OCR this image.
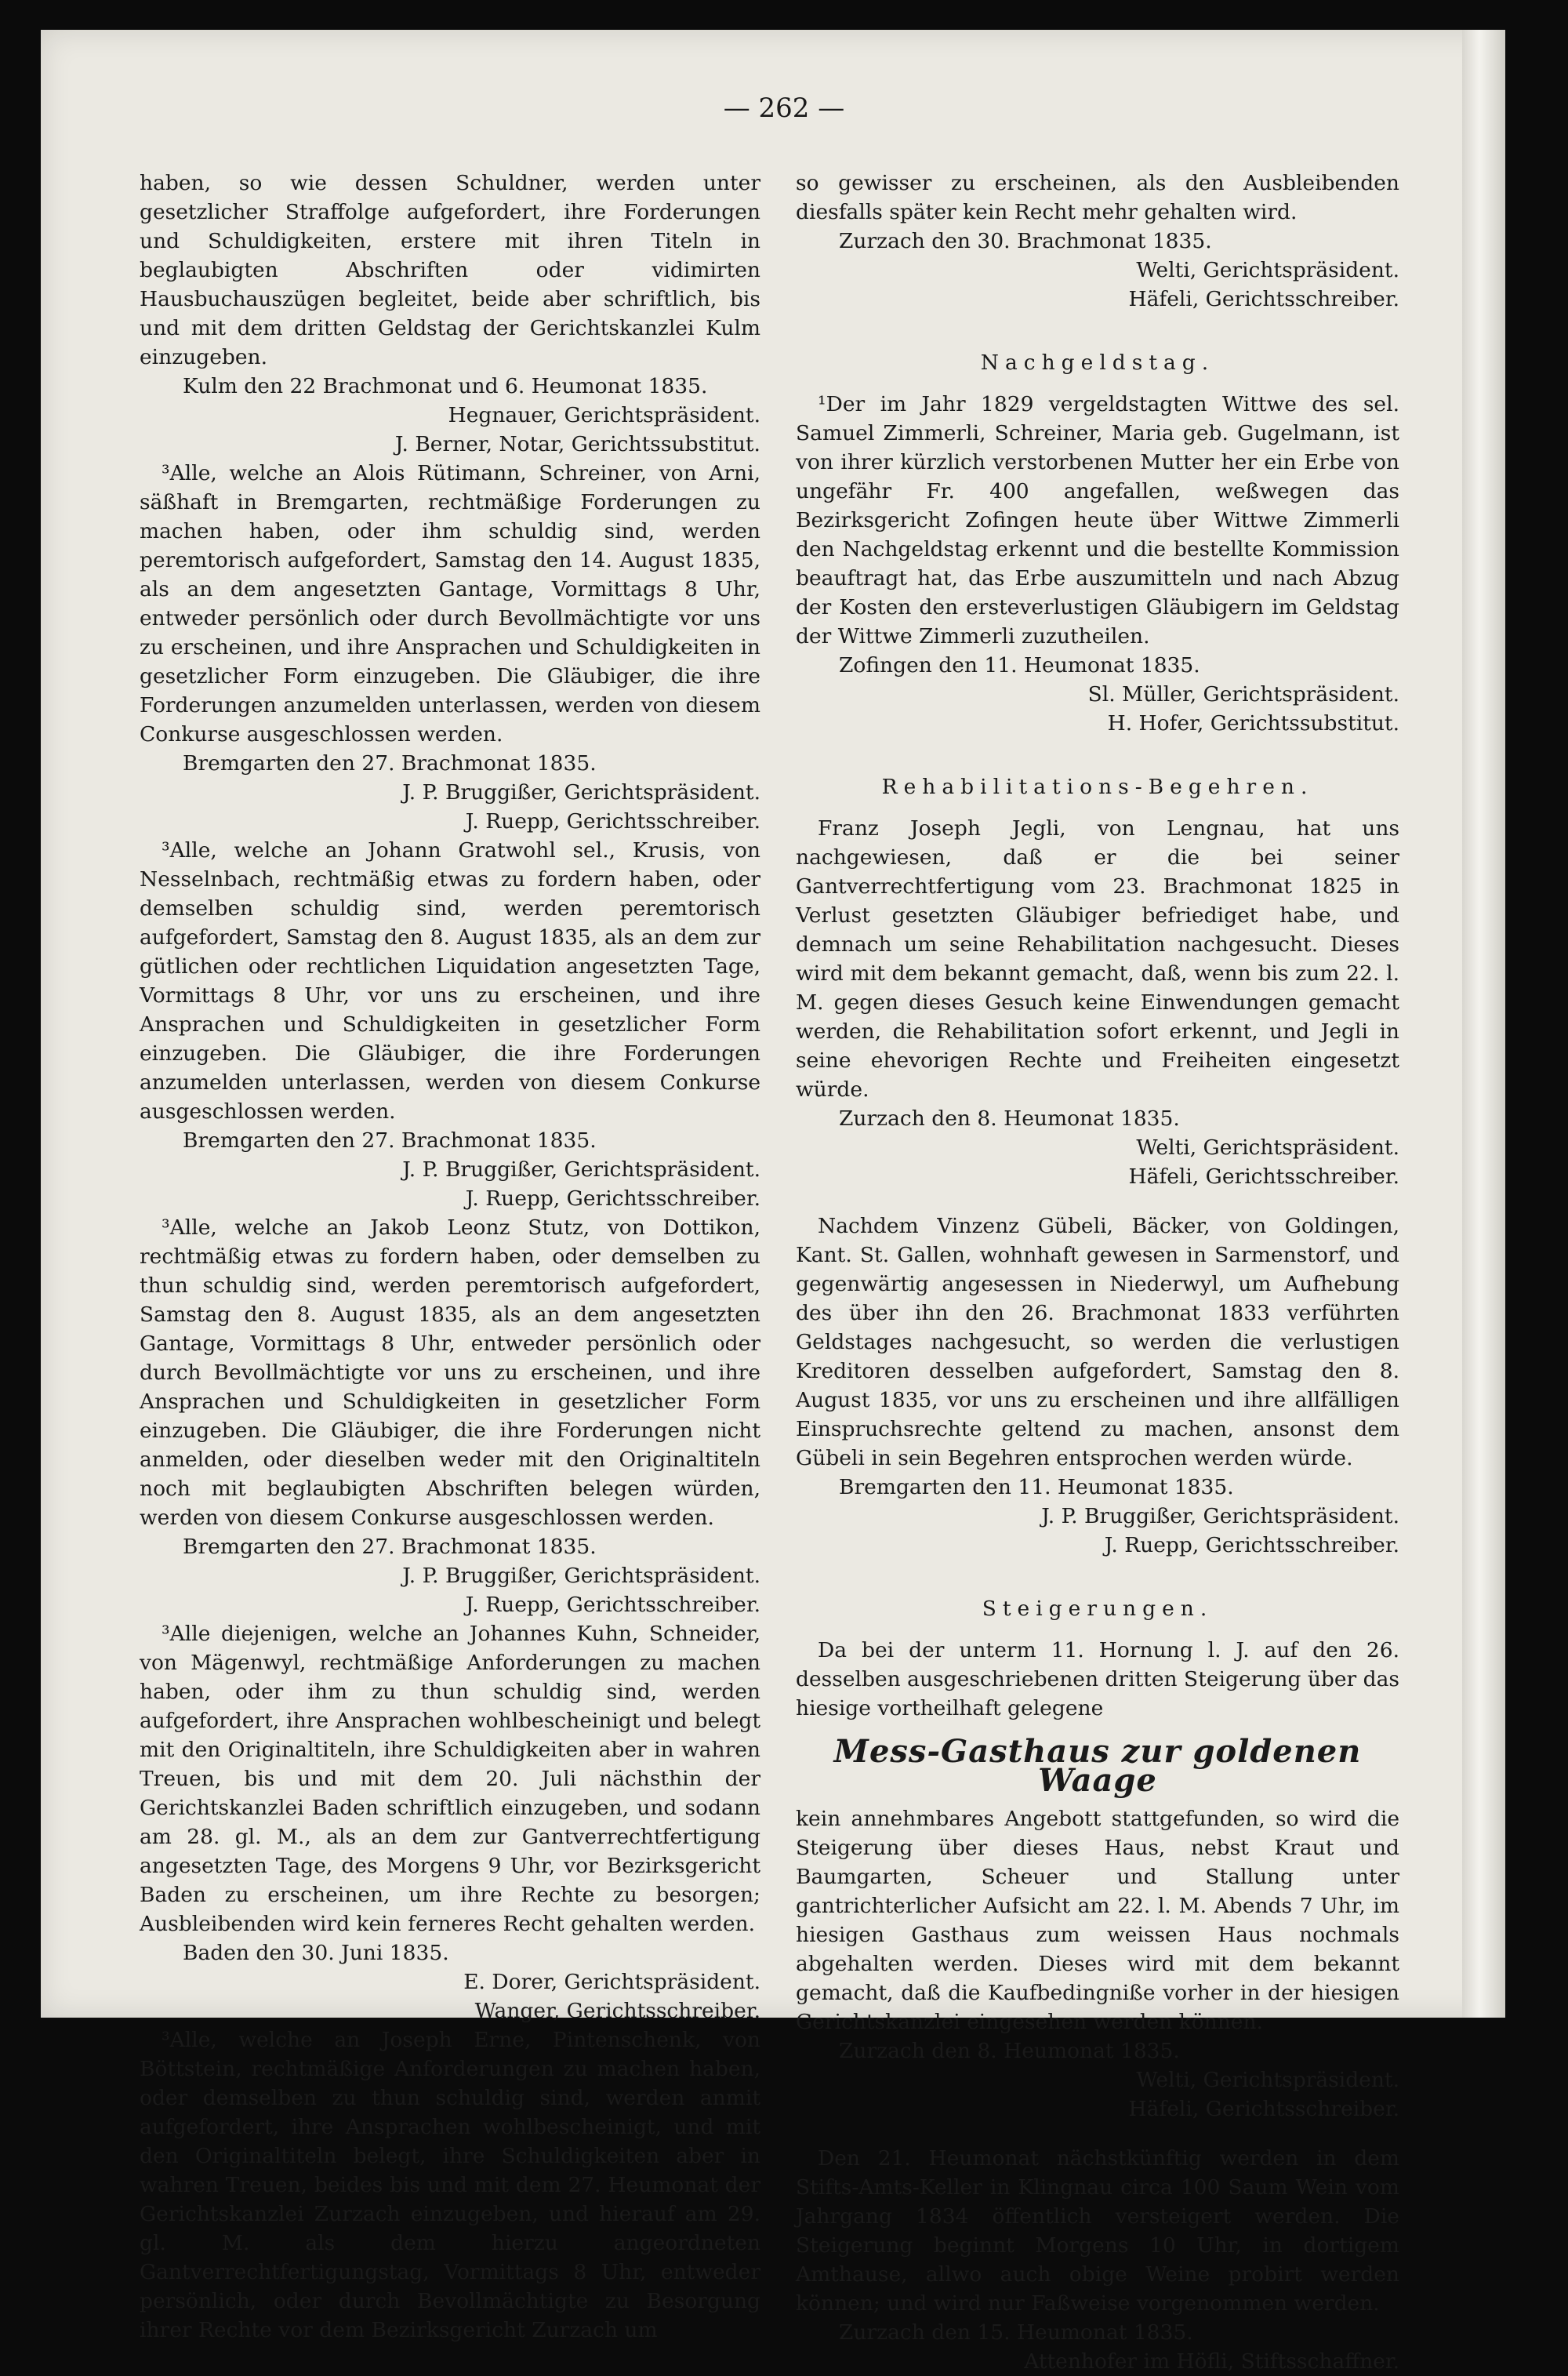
— 262 —

haben, so wie dessen Schuldner, werden unter gesetzlicher Straffolge aufgefordert, ihre Forderungen und Schuldigkeiten, erstere mit ihren Titeln in beglaubigten Abschriften oder vidimirten Hausbuchauszügen begleitet, beide aber schriftlich, bis und mit dem dritten Geldstag der Gerichtskanzlei Kulm einzugeben.

Kulm den 22 Brachmonat und 6. Heumonat 1835.

Hegnauer, Gerichtspräsident.

J. Berner, Notar, Gerichtssubstitut.

³Alle, welche an Alois Rütimann, Schreiner, von Arni, säßhaft in Bremgarten, rechtmäßige Forderungen zu machen haben, oder ihm schuldig sind, werden peremtorisch aufgefordert, Samstag den 14. August 1835, als an dem angesetzten Gantage, Vormittags 8 Uhr, entweder persönlich oder durch Bevollmächtigte vor uns zu erscheinen, und ihre Ansprachen und Schuldigkeiten in gesetzlicher Form einzugeben. Die Gläubiger, die ihre Forderungen anzumelden unterlassen, werden von diesem Conkurse ausgeschlossen werden.

Bremgarten den 27. Brachmonat 1835.

J. P. Bruggißer, Gerichtspräsident.

J. Ruepp, Gerichtsschreiber.

³Alle, welche an Johann Gratwohl sel., Krusis, von Nesselnbach, rechtmäßig etwas zu fordern haben, oder demselben schuldig sind, werden peremtorisch aufgefordert, Samstag den 8. August 1835, als an dem zur gütlichen oder rechtlichen Liquidation angesetzten Tage, Vormittags 8 Uhr, vor uns zu erscheinen, und ihre Ansprachen und Schuldigkeiten in gesetzlicher Form einzugeben. Die Gläubiger, die ihre Forderungen anzumelden unterlassen, werden von diesem Conkurse ausgeschlossen werden.

Bremgarten den 27. Brachmonat 1835.

J. P. Bruggißer, Gerichtspräsident.

J. Ruepp, Gerichtsschreiber.

³Alle, welche an Jakob Leonz Stutz, von Dottikon, rechtmäßig etwas zu fordern haben, oder demselben zu thun schuldig sind, werden peremtorisch aufgefordert, Samstag den 8. August 1835, als an dem angesetzten Gantage, Vormittags 8 Uhr, entweder persönlich oder durch Bevollmächtigte vor uns zu erscheinen, und ihre Ansprachen und Schuldigkeiten in gesetzlicher Form einzugeben. Die Gläubiger, die ihre Forderungen nicht anmelden, oder dieselben weder mit den Originaltiteln noch mit beglaubigten Abschriften belegen würden, werden von diesem Conkurse ausgeschlossen werden.

Bremgarten den 27. Brachmonat 1835.

J. P. Bruggißer, Gerichtspräsident.

J. Ruepp, Gerichtsschreiber.

³Alle diejenigen, welche an Johannes Kuhn, Schneider, von Mägenwyl, rechtmäßige Anforderungen zu machen haben, oder ihm zu thun schuldig sind, werden aufgefordert, ihre Ansprachen wohlbescheinigt und belegt mit den Originaltiteln, ihre Schuldigkeiten aber in wahren Treuen, bis und mit dem 20. Juli nächsthin der Gerichtskanzlei Baden schriftlich einzugeben, und sodann am 28. gl. M., als an dem zur Gantverrechtfertigung angesetzten Tage, des Morgens 9 Uhr, vor Bezirksgericht Baden zu erscheinen, um ihre Rechte zu besorgen; Ausbleibenden wird kein ferneres Recht gehalten werden.

Baden den 30. Juni 1835.

E. Dorer, Gerichtspräsident.

Wanger, Gerichtsschreiber.

³Alle, welche an Joseph Erne, Pintenschenk, von Böttstein, rechtmäßige Anforderungen zu machen haben, oder demselben zu thun schuldig sind, werden anmit aufgefordert, ihre Ansprachen wohlbescheinigt, und mit den Originaltiteln belegt, ihre Schuldigkeiten aber in wahren Treuen, beides bis und mit dem 27. Heumonat der Gerichtskanzlei Zurzach einzugeben, und hierauf am 29. gl. M. als dem hierzu angeordneten Gantverrechtfertigungstag, Vormittags 8 Uhr, entweder persönlich, oder durch Bevollmächtigte zu Besorgung ihrer Rechte vor dem Bezirksgericht Zurzach um

so gewisser zu erscheinen, als den Ausbleibenden diesfalls später kein Recht mehr gehalten wird.

Zurzach den 30. Brachmonat 1835.

Welti, Gerichtspräsident.

Häfeli, Gerichtsschreiber.

Nachgeldstag.

¹Der im Jahr 1829 vergeldstagten Wittwe des sel. Samuel Zimmerli, Schreiner, Maria geb. Gugelmann, ist von ihrer kürzlich verstorbenen Mutter her ein Erbe von ungefähr Fr. 400 angefallen, weßwegen das Bezirksgericht Zofingen heute über Wittwe Zimmerli den Nachgeldstag erkennt und die bestellte Kommission beauftragt hat, das Erbe auszumitteln und nach Abzug der Kosten den ersteverlustigen Gläubigern im Geldstag der Wittwe Zimmerli zuzutheilen.

Zofingen den 11. Heumonat 1835.

Sl. Müller, Gerichtspräsident.

H. Hofer, Gerichtssubstitut.

Rehabilitations-Begehren.

Franz Joseph Jegli, von Lengnau, hat uns nachgewiesen, daß er die bei seiner Gantverrechtfertigung vom 23. Brachmonat 1825 in Verlust gesetzten Gläubiger befriediget habe, und demnach um seine Rehabilitation nachgesucht. Dieses wird mit dem bekannt gemacht, daß, wenn bis zum 22. l. M. gegen dieses Gesuch keine Einwendungen gemacht werden, die Rehabilitation sofort erkennt, und Jegli in seine ehevorigen Rechte und Freiheiten eingesetzt würde.

Zurzach den 8. Heumonat 1835.

Welti, Gerichtspräsident.

Häfeli, Gerichtsschreiber.

Nachdem Vinzenz Gübeli, Bäcker, von Goldingen, Kant. St. Gallen, wohnhaft gewesen in Sarmenstorf, und gegenwärtig angesessen in Niederwyl, um Aufhebung des über ihn den 26. Brachmonat 1833 verführten Geldstages nachgesucht, so werden die verlustigen Kreditoren desselben aufgefordert, Samstag den 8. August 1835, vor uns zu erscheinen und ihre allfälligen Einspruchsrechte geltend zu machen, ansonst dem Gübeli in sein Begehren entsprochen werden würde.

Bremgarten den 11. Heumonat 1835.

J. P. Bruggißer, Gerichtspräsident.

J. Ruepp, Gerichtsschreiber.

Steigerungen.

Da bei der unterm 11. Hornung l. J. auf den 26. desselben ausgeschriebenen dritten Steigerung über das hiesige vortheilhaft gelegene

Mess-Gasthaus zur goldenen Waage

kein annehmbares Angebott stattgefunden, so wird die Steigerung über dieses Haus, nebst Kraut und Baumgarten, Scheuer und Stallung unter gantrichterlicher Aufsicht am 22. l. M. Abends 7 Uhr, im hiesigen Gasthaus zum weissen Haus nochmals abgehalten werden. Dieses wird mit dem bekannt gemacht, daß die Kaufbedingniße vorher in der hiesigen Gerichtskanzlei eingesehen werden können.

Zurzach den 8. Heumonat 1835.

Welti, Gerichtspräsident.

Häfeli, Gerichtsschreiber.

Den 21. Heumonat nächstkünftig werden in dem Stifts-Amts-Keller in Klingnau circa 100 Saum Wein vom Jahrgang 1834 öffentlich versteigert werden. Die Steigerung beginnt Morgens 10 Uhr, in dortigem Amthause, allwo auch obige Weine probirt werden können; und wird nur Faßweise vorgenommen werden.

Zurzach den 15. Heumonat 1835.

Attenhofer im Höfli, Stiftsschaffner.
